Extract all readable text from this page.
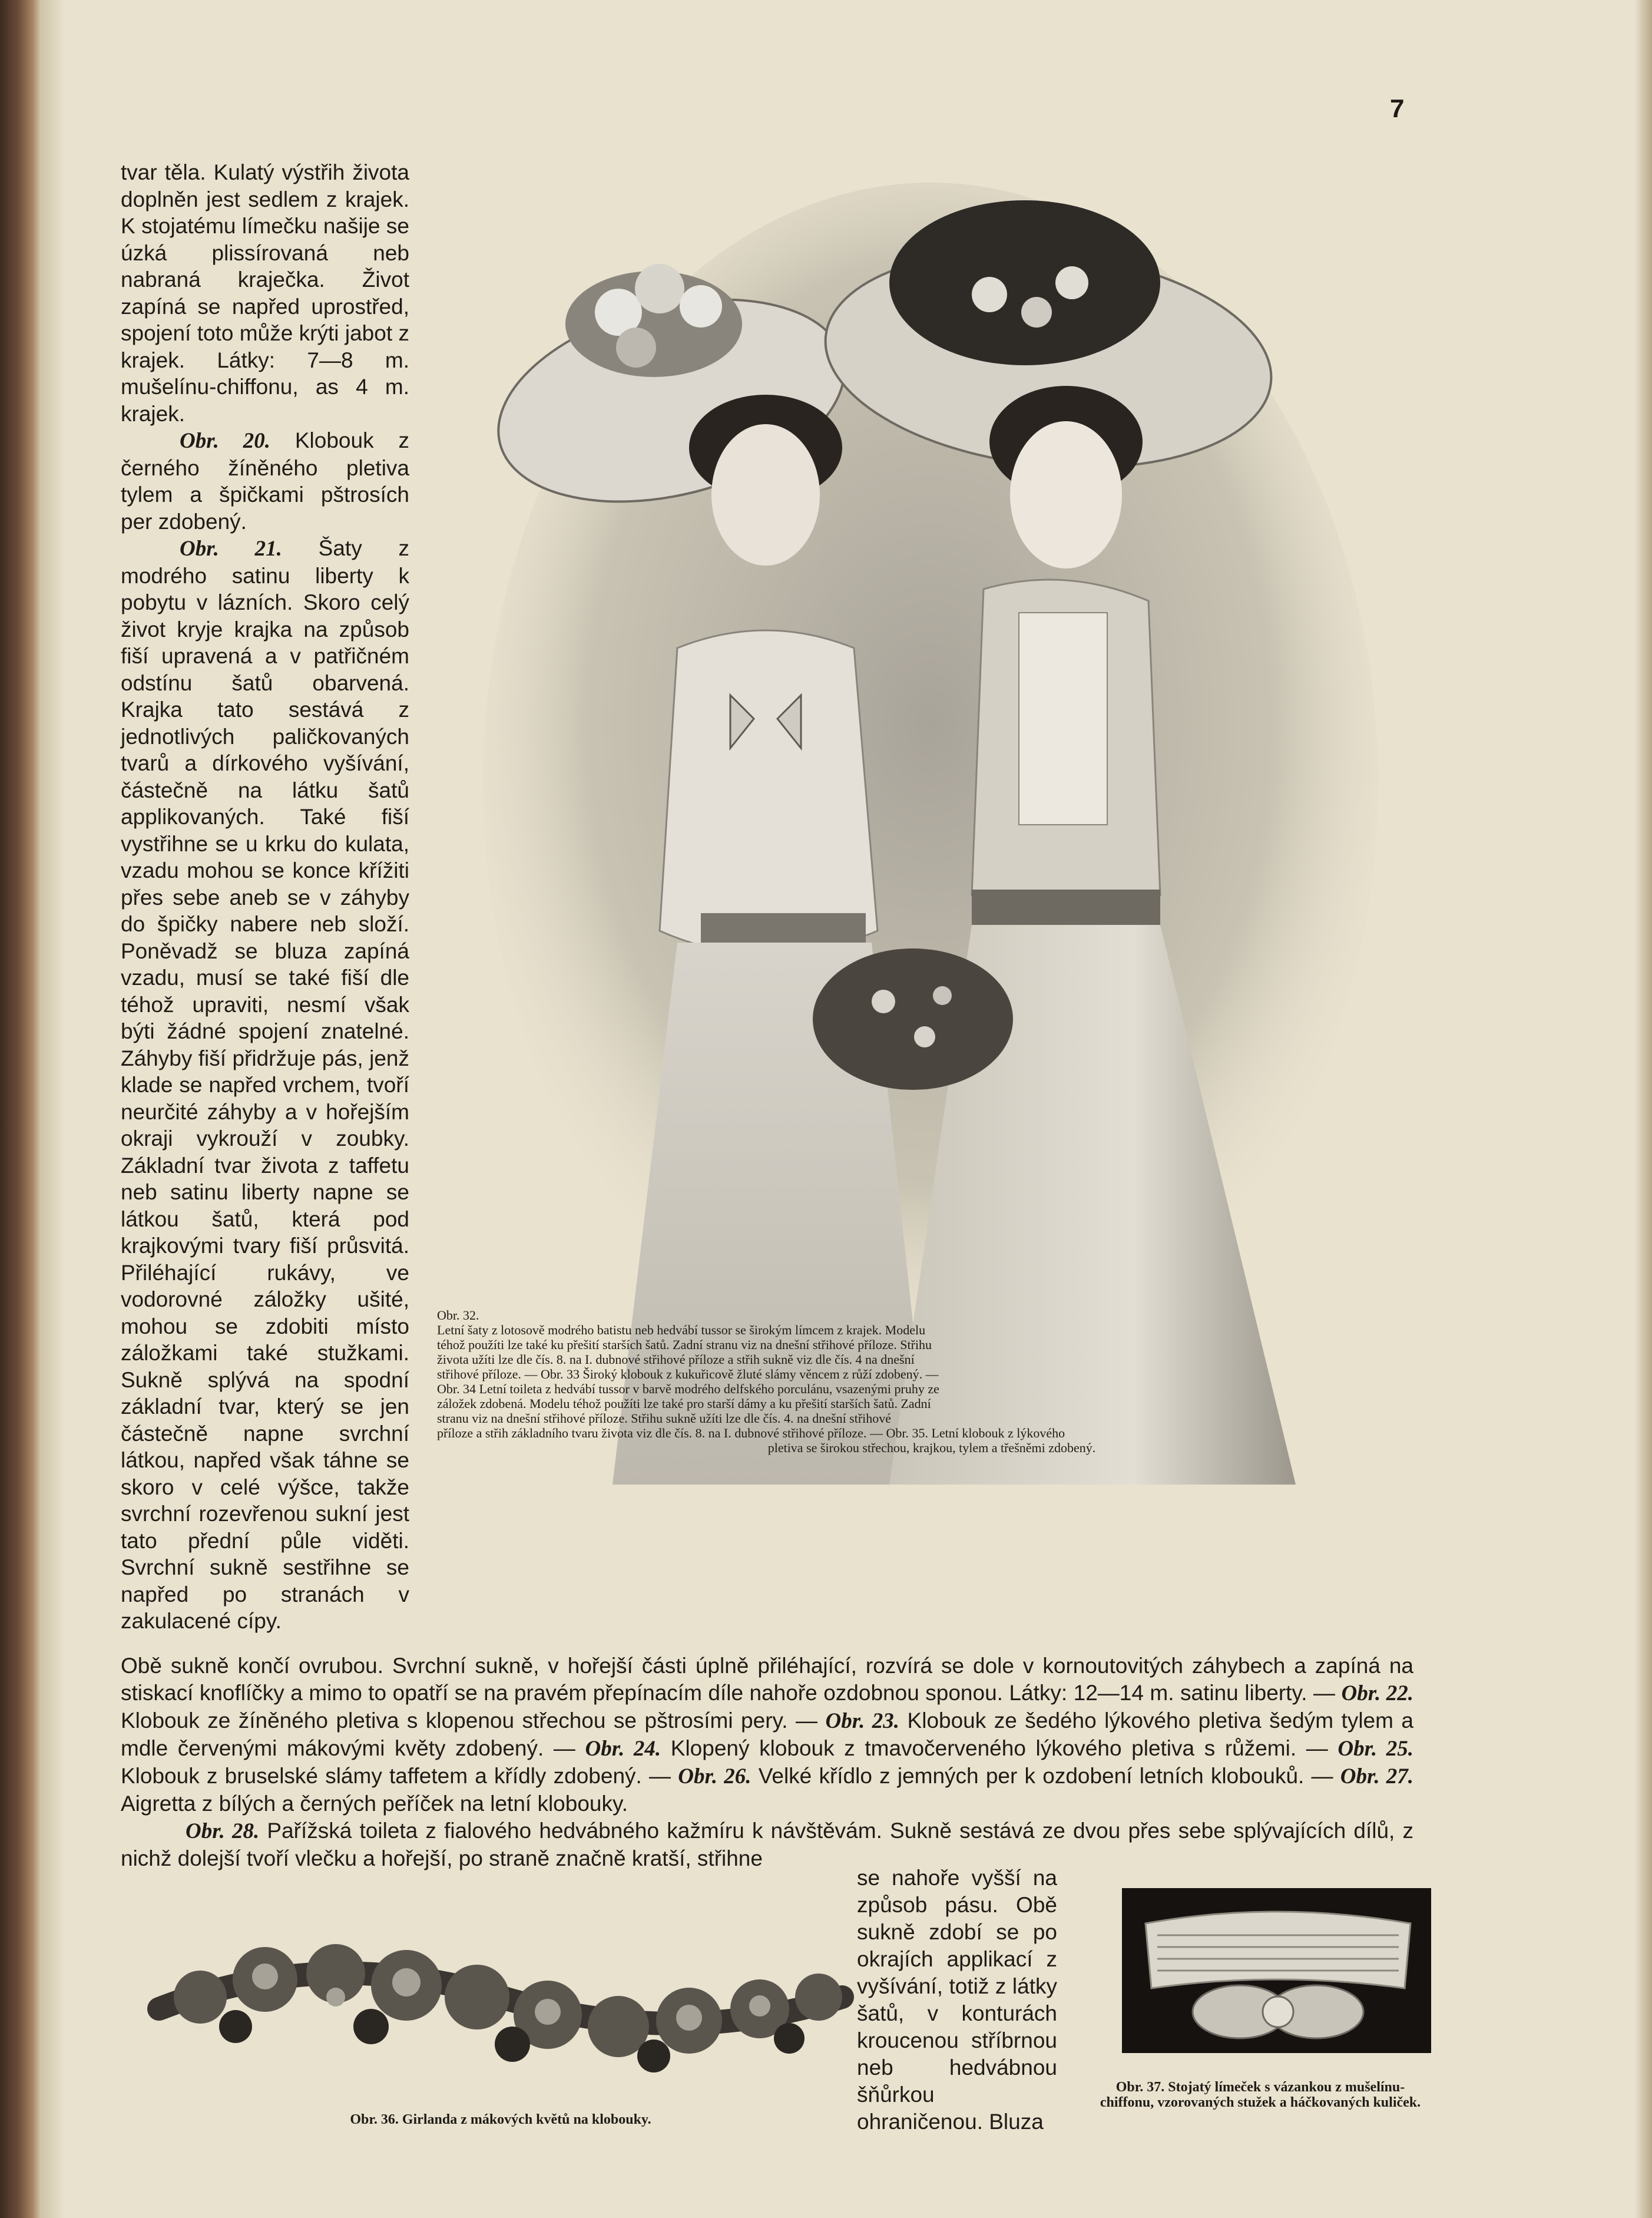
7

tvar těla. Kulatý výstřih života doplněn jest sedlem z krajek. K stojatému límečku našije se úzká plissírovaná neb nabraná kraječka. Život zapíná se napřed uprostřed, spojení toto může krýti jabot z krajek. Látky: 7—8 m. mušelínu-chiffonu, as 4 m. krajek.

Obr. 20. Klobouk z černého žíněného pletiva tylem a špičkami pštrosích per zdobený.

Obr. 21. Šaty z modrého satinu liberty k pobytu v lázních. Skoro celý život kryje krajka na způsob fiší upravená a v patřičném odstínu šatů obarvená. Krajka tato sestává z jednotlivých paličkovaných tvarů a dírkového vyšívání, částečně na látku šatů applikovaných. Také fiší vystřihne se u krku do kulata, vzadu mohou se konce křížiti přes sebe aneb se v záhyby do špičky nabere neb složí. Poněvadž se bluza zapíná vzadu, musí se také fiší dle téhož upraviti, nesmí však býti žádné spojení znatelné. Záhyby fiší přidržuje pás, jenž klade se napřed vrchem, tvoří neurčité záhyby a v hořejším okraji vykrouží v zoubky. Základní tvar života z taffetu neb satinu liberty napne se látkou šatů, která pod krajkovými tvary fiší průsvitá. Přiléhající rukávy, ve vodorovné záložky ušité, mohou se zdobiti místo záložkami také stužkami. Sukně splývá na spodní základní tvar, který se jen částečně napne svrchní látkou, napřed však táhne se skoro v celé výšce, takže svrchní rozevřenou sukní jest tato přední půle viděti. Svrchní sukně sestřihne se napřed po stranách v zakulacené cípy.

Obr. 32.
Letní šaty z lotosově modrého batistu neb hedvábí tussor se širokým límcem z krajek. Modelu téhož použíti lze také ku přešití starších šatů. Zadní stranu viz na dnešní střihové příloze. Střihu života užíti lze dle čís. 8. na I. dubnové střihové příloze a střih sukně viz dle čís. 4 na dnešní střihové příloze. — Obr. 33 Široký klobouk z kukuřicově žluté slámy věncem z růží zdobený. — Obr. 34 Letní toileta z hedvábí tussor v barvě modrého delfského porculánu, vsazenými pruhy ze záložek zdobená. Modelu téhož použíti lze také pro starší dámy a ku přešití starších šatů. Zadní stranu viz na dnešní střihové příloze. Střihu sukně užíti lze dle čís. 4. na dnešní střihové
příloze a střih základního tvaru života viz dle čís. 8. na I. dubnové střihové příloze. — Obr. 35. Letní klobouk z lýkového
pletiva se širokou střechou, krajkou, tylem a třešněmi zdobený.

Obě sukně končí ovrubou. Svrchní sukně, v hořejší části úplně přiléhající, rozvírá se dole v kornoutovitých záhybech a zapíná na stiskací knoflíčky a mimo to opatří se na pravém přepínacím díle nahoře ozdobnou sponou. Látky: 12—14 m. satinu liberty. — Obr. 22. Klobouk ze žíněného pletiva s klopenou střechou se pštrosími pery. — Obr. 23. Klobouk ze šedého lýkového pletiva šedým tylem a mdle červenými mákovými květy zdobený. — Obr. 24. Klopený klobouk z tmavočerveného lýkového pletiva s růžemi. — Obr. 25. Klobouk z bruselské slámy taffetem a křídly zdobený. — Obr. 26. Velké křídlo z jemných per k ozdobení letních klobouků. — Obr. 27. Aigretta z bílých a černých peříček na letní klobouky.

Obr. 28. Pařížská toileta z fialového hedvábného kažmíru k návštěvám. Sukně sestává ze dvou přes sebe splývajících dílů, z nichž dolejší tvoří vlečku a hořejší, po straně značně kratší, střihne

se nahoře vyšší na způsob pásu. Obě sukně zdobí se po okrajích applikací z vyšívání, totiž z látky šatů, v konturách kroucenou stříbrnou neb hedvábnou šňůrkou ohraničenou. Bluza
Obr. 36. Girlanda z mákových květů na klobouky.
Obr. 37. Stojatý límeček s vázankou z mušelínu-chiffonu, vzorovaných stužek a háčkovaných kuliček.
